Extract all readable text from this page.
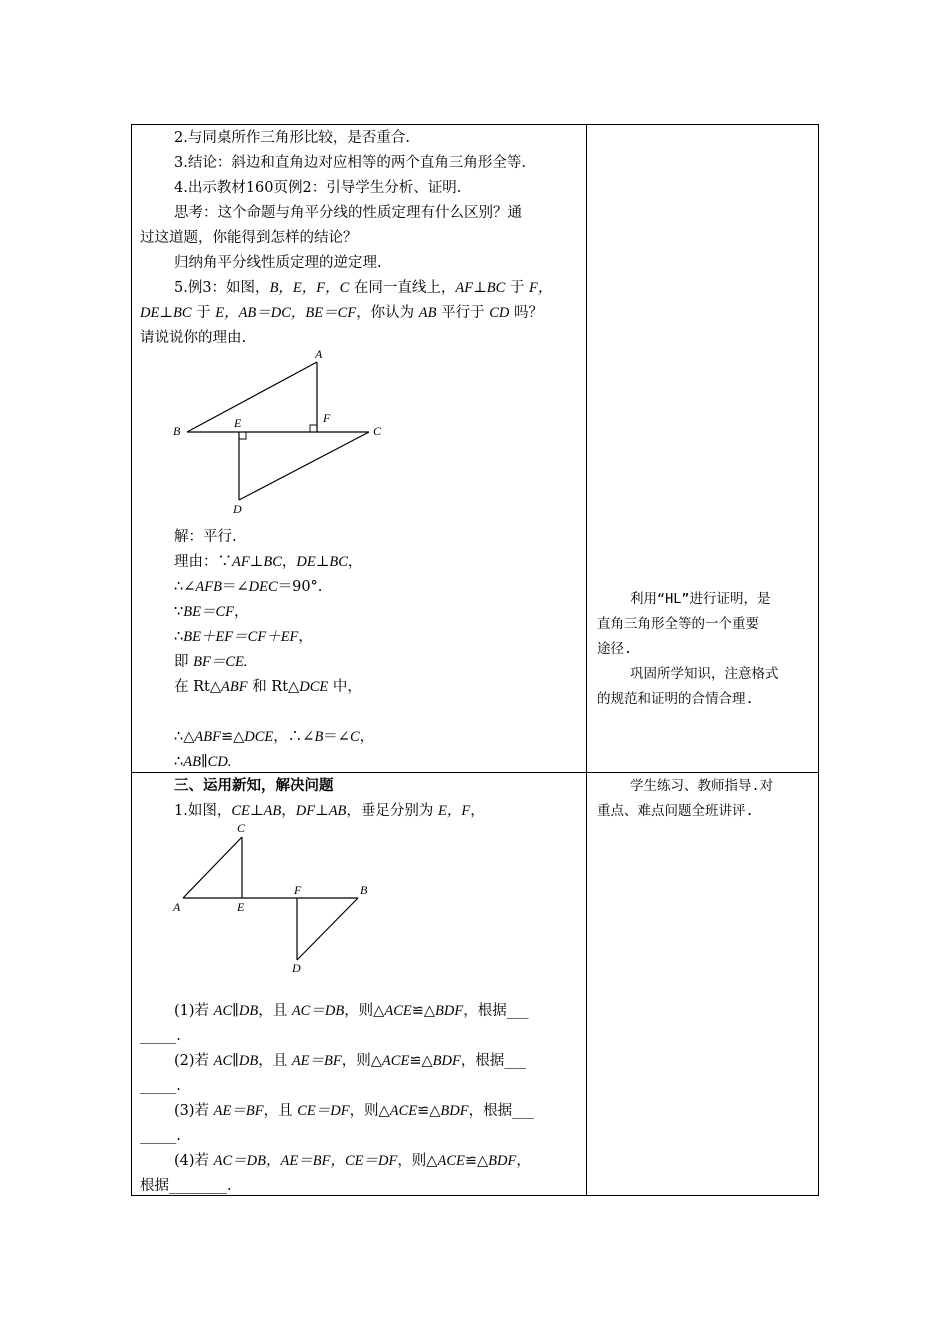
2.与同桌所作三角形比较，是否重合.
3.结论：斜边和直角边对应相等的两个直角三角形全等.
4.出示教材160页例2：引导学生分析、证明.
思考：这个命题与角平分线的性质定理有什么区别？通
过这道题，你能得到怎样的结论？
归纳角平分线性质定理的逆定理.
5.例3：如图，B，E，F，C 在同一直线上，AF⊥BC 于 F，
DE⊥BC 于 E，AB＝DC，BE＝CF，你认为 AB 平行于 CD 吗？
请说说你的理由.
A
B	C
D
E	F
解：平行.
理由：∵AF⊥BC，DE⊥BC，
∴∠AFB＝∠DEC＝90°.
∵BE＝CF，
∴BE＋EF＝CF＋EF，
即 BF＝CE.
在 Rt△ABF 和 Rt△DCE 中，
∴△ABF≌△DCE，∴∠B＝∠C，
∴AB∥CD.
利用“HL”进行证明，是
直角三角形全等的一个重要
途径.
巩固所学知识，注意格式
的规范和证明的合情合理.
三、运用新知，解决问题
1.如图，CE⊥AB，DF⊥AB，垂足分别为 E，F，
C
A	E
F	B
D
(1)若 AC∥DB，且 AC＝DB，则△ACE≌△BDF，根据___
_____.
(2)若 AC∥DB，且 AE＝BF，则△ACE≌△BDF，根据___
_____.
(3)若 AE＝BF，且 CE＝DF，则△ACE≌△BDF，根据___
_____.
(4)若 AC＝DB，AE＝BF，CE＝DF，则△ACE≌△BDF，
根据________.
学生练习、教师指导.对
重点、难点问题全班讲评.
